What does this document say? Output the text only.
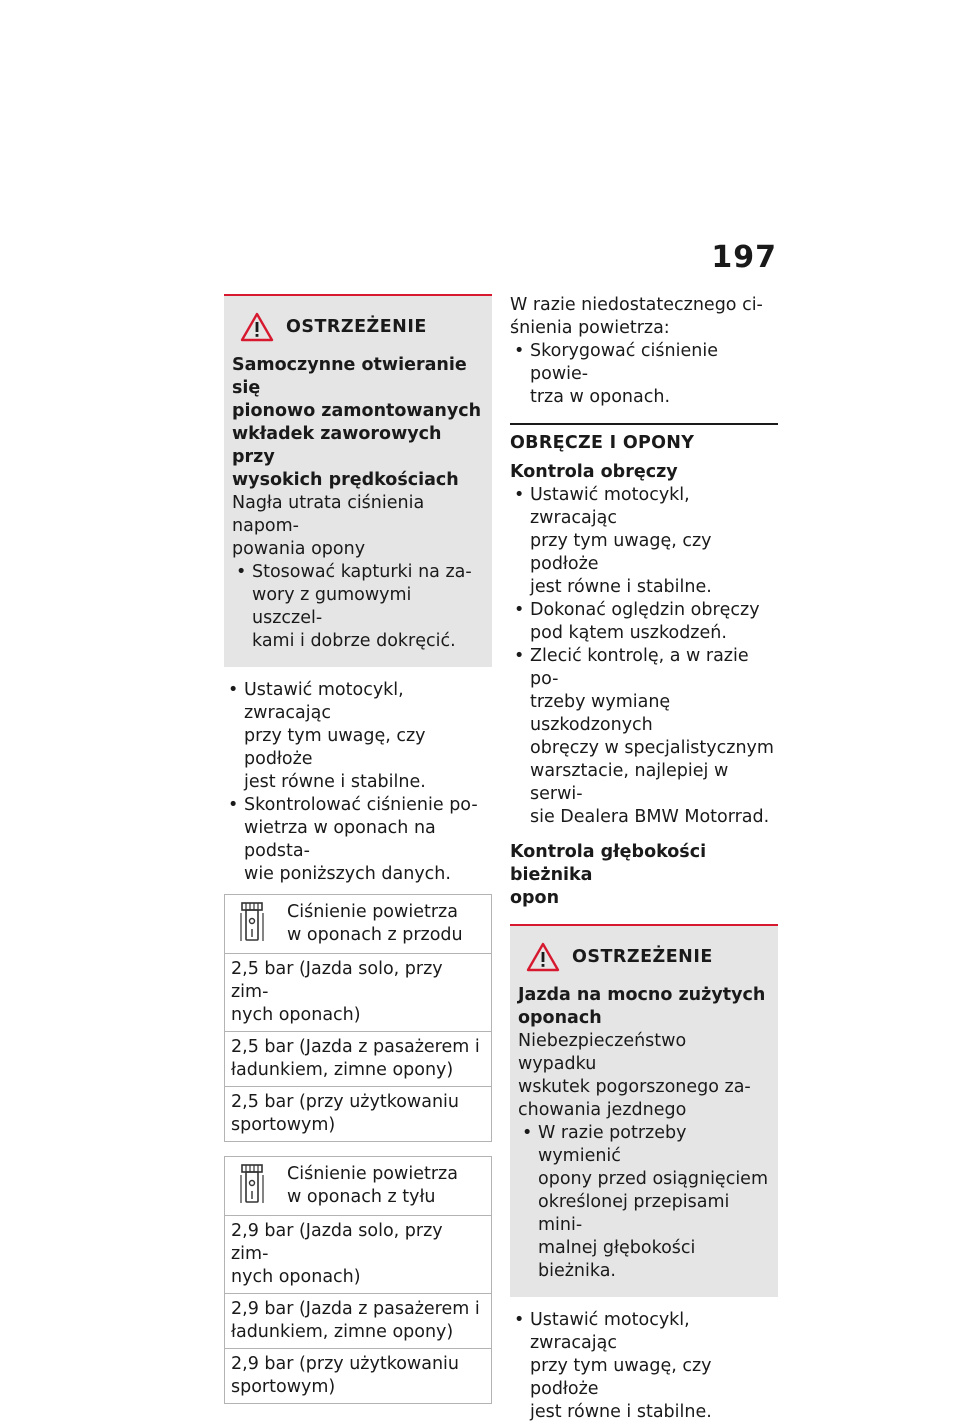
197
OSTRZEŻENIE
Samoczynne otwieranie się
pionowo zamontowanych
wkładek zaworowych przy
wysokich prędkościach
Nagła utrata ciśnienia napom-
powania opony
• Stosować kapturki na za-
wory z gumowymi uszczel-
kami i dobrze dokręcić.
• Ustawić motocykl, zwracając
przy tym uwagę, czy podłoże
jest równe i stabilne.
• Skontrolować ciśnienie po-
wietrza w oponach na podsta-
wie poniższych danych.
Ciśnienie powietrza
w oponach z przodu
2,5 bar (Jazda solo, przy zim-
nych oponach)
2,5 bar (Jazda z pasażerem i
ładunkiem, zimne opony)
2,5 bar (przy użytkowaniu
sportowym)
Ciśnienie powietrza
w oponach z tyłu
2,9 bar (Jazda solo, przy zim-
nych oponach)
2,9 bar (Jazda z pasażerem i
ładunkiem, zimne opony)
2,9 bar (przy użytkowaniu
sportowym)
W razie niedostatecznego ci-
śnienia powietrza:
• Skorygować ciśnienie powie-
trza w oponach.
OBRĘCZE I OPONY
Kontrola obręczy
• Ustawić motocykl, zwracając
przy tym uwagę, czy podłoże
jest równe i stabilne.
• Dokonać oględzin obręczy
pod kątem uszkodzeń.
• Zlecić kontrolę, a w razie po-
trzeby wymianę uszkodzonych
obręczy w specjalistycznym
warsztacie, najlepiej w serwi-
sie Dealera BMW Motorrad.
Kontrola głębokości bieżnika
opon
OSTRZEŻENIE
Jazda na mocno zużytych
oponach
Niebezpieczeństwo wypadku
wskutek pogorszonego za-
chowania jezdnego
• W razie potrzeby wymienić
opony przed osiągnięciem
określonej przepisami mini-
malnej głębokości bieżnika.
• Ustawić motocykl, zwracając
przy tym uwagę, czy podłoże
jest równe i stabilne.
